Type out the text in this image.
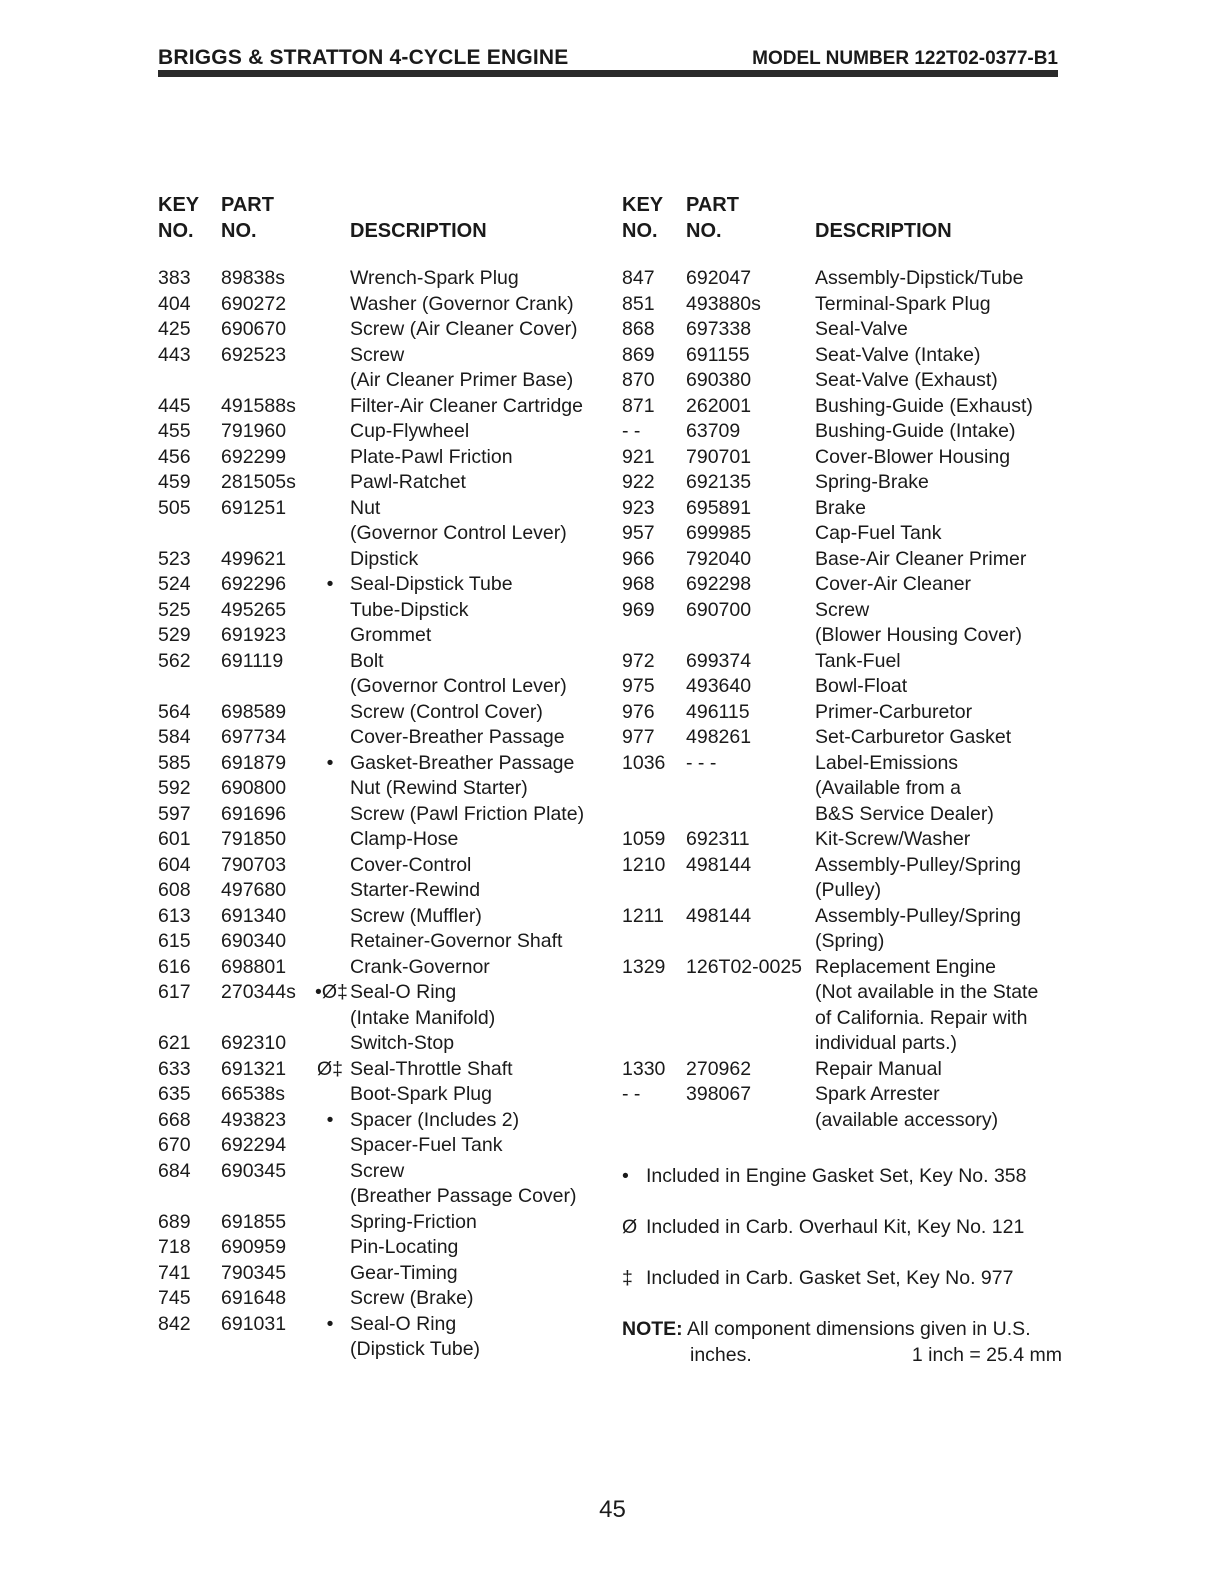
BRIGGS & STRATTON 4-CYCLE ENGINE	MODEL NUMBER 122T02-0377-B1
KEY
NO.
PART
NO.	DESCRIPTION
383 89838s	Wrench-Spark Plug
404 690272	Washer (Governor Crank)
425 690670	Screw (Air Cleaner Cover)
443 692523	Screw
(Air Cleaner Primer Base)
445 491588s	Filter-Air Cleaner Cartridge
455 791960	Cup-Flywheel
456 692299	Plate-Pawl Friction
459 281505s	Pawl-Ratchet
505 691251	Nut
(Governor Control Lever)
523 499621	Dipstick
524 692296	• Seal-Dipstick Tube
525 495265	Tube-Dipstick
529 691923	Grommet
562 691119	Bolt
(Governor Control Lever)
564 698589	Screw (Control Cover)
584 697734	Cover-Breather Passage
585 691879	• Gasket-Breather Passage
592 690800	Nut (Rewind Starter)
597 691696	Screw (Pawl Friction Plate)
601 791850	Clamp-Hose
604 790703	Cover-Control
608 497680	Starter-Rewind
613 691340	Screw (Muffler)
615 690340	Retainer-Governor Shaft
616 698801	Crank-Governor
617 270344s •Ø‡ Seal-O Ring
(Intake Manifold)
621 692310	Switch-Stop
633 691321 Ø‡ Seal-Throttle Shaft
635 66538s	Boot-Spark Plug
668 493823	• Spacer (Includes 2)
670 692294	Spacer-Fuel Tank
684 690345	Screw
(Breather Passage Cover)
689 691855	Spring-Friction
718 690959	Pin-Locating
741 790345	Gear-Timing
745 691648	Screw (Brake)
842 691031	• Seal-O Ring
(Dipstick Tube)
KEY
NO.
PART
NO.	DESCRIPTION
847 692047	Assembly-Dipstick/Tube
851 493880s	Terminal-Spark Plug
868 697338	Seal-Valve
869 691155	Seat-Valve (Intake)
870 690380	Seat-Valve (Exhaust)
871 262001	Bushing-Guide (Exhaust)
- - 63709	Bushing-Guide (Intake)
921 790701	Cover-Blower Housing
922 692135	Spring-Brake
923 695891	Brake
957 699985	Cap-Fuel Tank
966 792040	Base-Air Cleaner Primer
968 692298	Cover-Air Cleaner
969 690700	Screw
(Blower Housing Cover)
972 699374	Tank-Fuel
975 493640	Bowl-Float
976 496115	Primer-Carburetor
977 498261	Set-Carburetor Gasket
1036 - - -	Label-Emissions
(Available from a
B&S Service Dealer)
1059 692311	Kit-Screw/Washer
1210 498144	Assembly-Pulley/Spring
(Pulley)
1211 498144	Assembly-Pulley/Spring
(Spring)
1329 126T02-0025 Replacement Engine
(Not available in the State
of California. Repair with
individual parts.)
1330 270962	Repair Manual
- - 398067	Spark Arrester
(available accessory)
• Included in Engine Gasket Set, Key No. 358
Ø Included in Carb. Overhaul Kit, Key No. 121
‡ Included in Carb. Gasket Set, Key No. 977
NOTE: All component dimensions given in U.S.
inches.	1 inch = 25.4 mm
45
